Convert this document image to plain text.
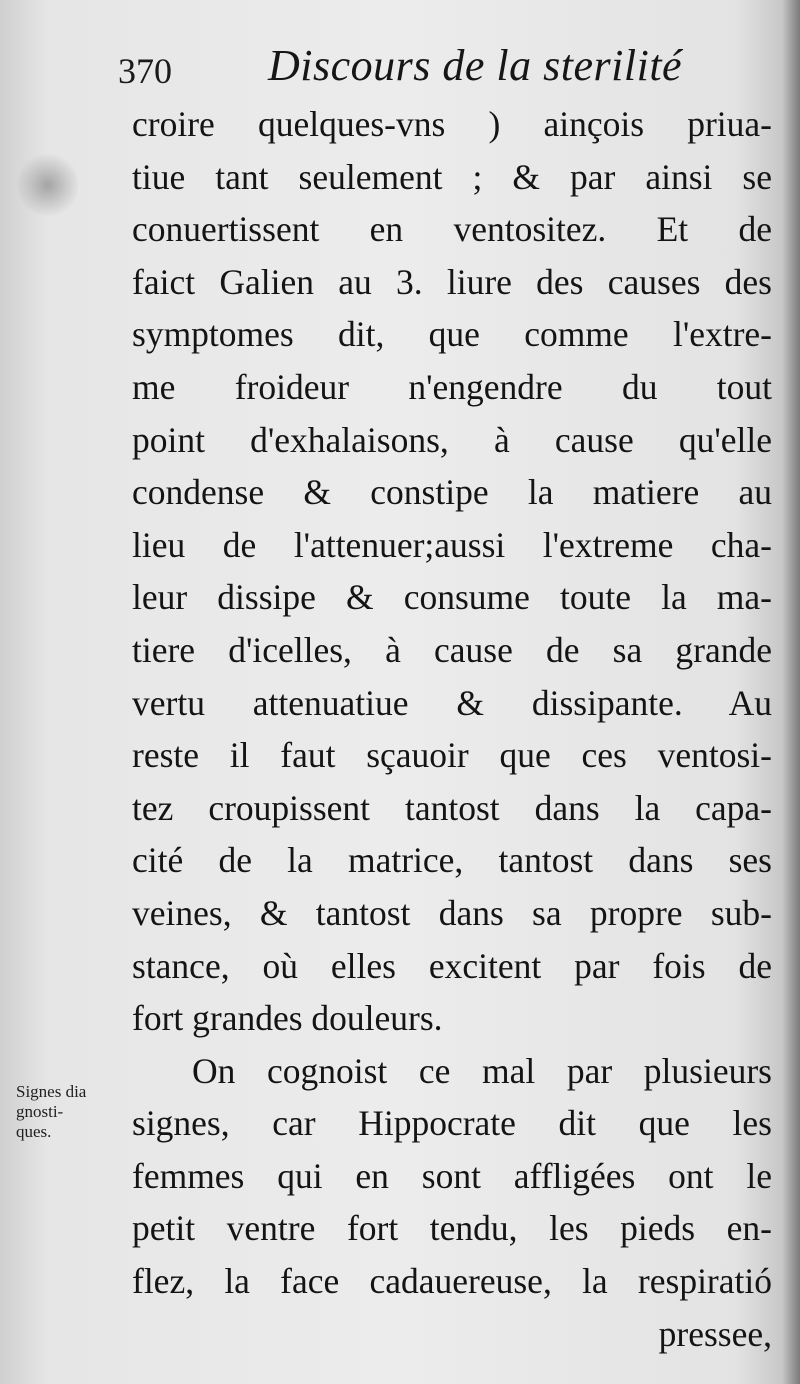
370 Discours de la sterilité
croire quelques-vns ) ainçois priua-
tiue tant seulement ; & par ainsi se
conuertissent en ventositez. Et de
faict Galien au 3. liure des causes des
symptomes dit, que comme l'extre-
me froideur n'engendre du tout
point d'exhalaisons, à cause qu'elle
condense & constipe la matiere au
lieu de l'attenuer;aussi l'extreme cha-
leur dissipe & consume toute la ma-
tiere d'icelles, à cause de sa grande
vertu attenuatiue & dissipante. Au
reste il faut sçauoir que ces ventosi-
tez croupissent tantost dans la capa-
cité de la matrice, tantost dans ses
veines, & tantost dans sa propre sub-
stance, où elles excitent par fois de
fort grandes douleurs.
On cognoist ce mal par plusieurs
signes, car Hippocrate dit que les
femmes qui en sont affligées ont le
petit ventre fort tendu, les pieds en-
flez, la face cadauereuse, la respiratió
pressee,
Signes dia
gnosti-
ques.
